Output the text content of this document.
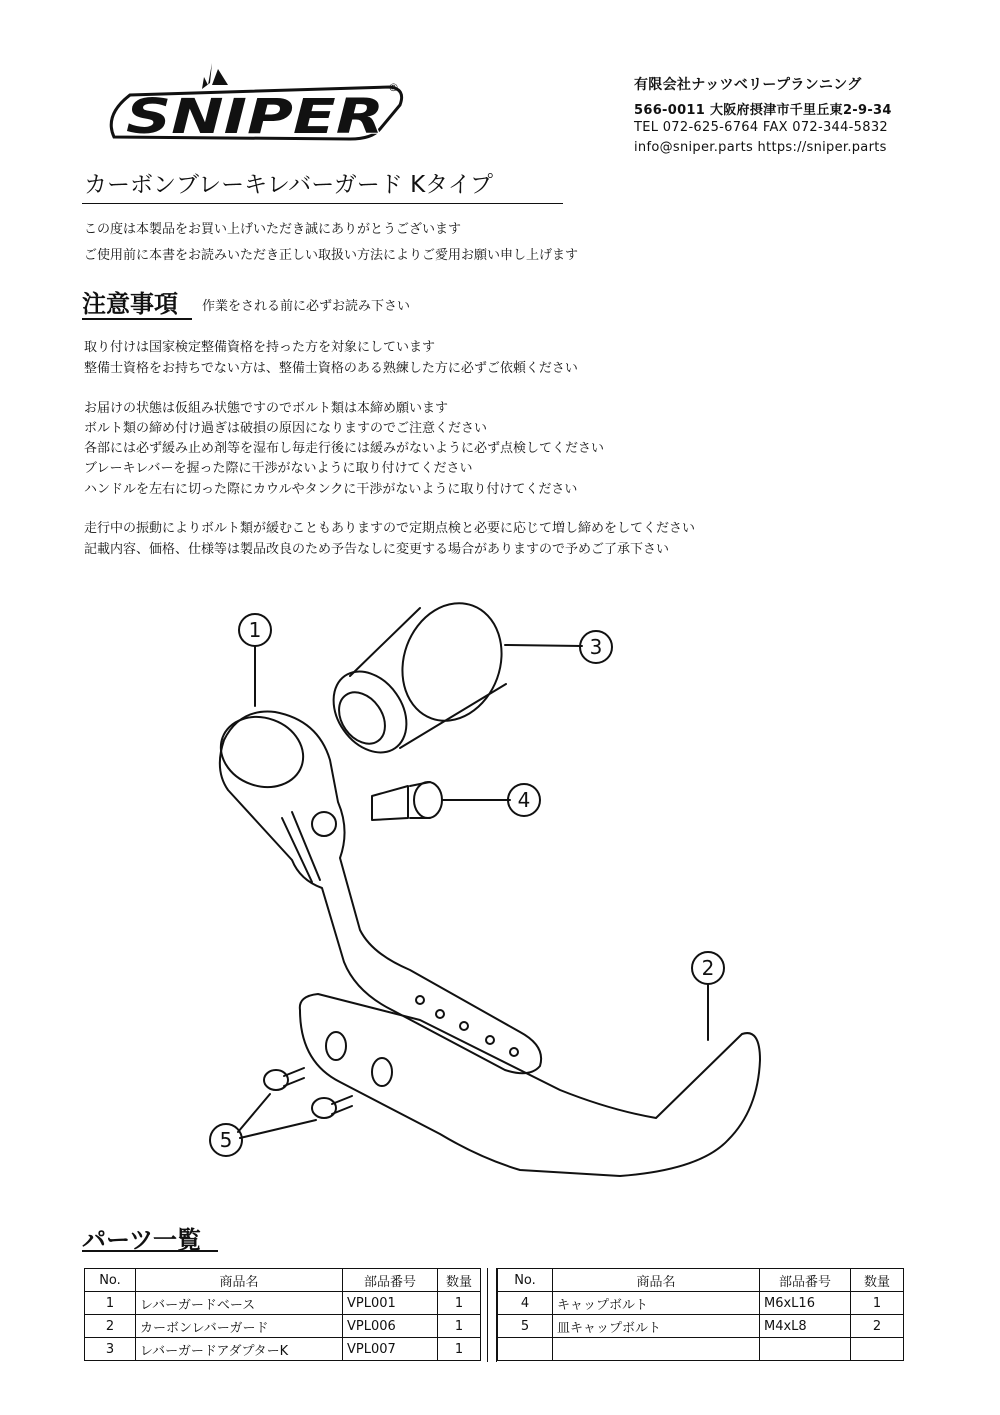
SNIPER
®	有限会社ナッツベリープランニング
566-0011 大阪府摂津市千里丘東2-9-34
TEL 072-625-6764 FAX 072-344-5832
info@sniper.parts https://sniper.parts
カーボンブレーキレバーガード Kタイプ
この度は本製品をお買い上げいただき誠にありがとうございます
ご使用前に本書をお読みいただき正しい取扱い方法によりご愛用お願い申し上げます
注意事項 作業をされる前に必ずお読み下さい
取り付けは国家検定整備資格を持った方を対象にしています
整備士資格をお持ちでない方は、整備士資格のある熟練した方に必ずご依頼ください
お届けの状態は仮組み状態ですのでボルト類は本締め願います
ボルト類の締め付け過ぎは破損の原因になりますのでご注意ください
各部には必ず緩み止め剤等を湿布し毎走行後には緩みがないように必ず点検してください
ブレーキレバーを握った際に干渉がないように取り付けてください
ハンドルを左右に切った際にカウルやタンクに干渉がないように取り付けてください
走行中の振動によりボルト類が緩むこともありますので定期点検と必要に応じて増し締めをしてください
記載内容、価格、仕様等は製品改良のため予告なしに変更する場合がありますので予めご了承下さい
1
2
3
4
5
パーツ一覧
No.	商品名	部品番号	数量
1	レバーガードベース	VPL001	1
2	カーボンレバーガード	VPL006	1
3	レバーガードアダプターK	VPL007	1
No.	商品名	部品番号	数量
4	キャップボルト	M6xL16	1
5	皿キャップボルト	M4xL8	2
